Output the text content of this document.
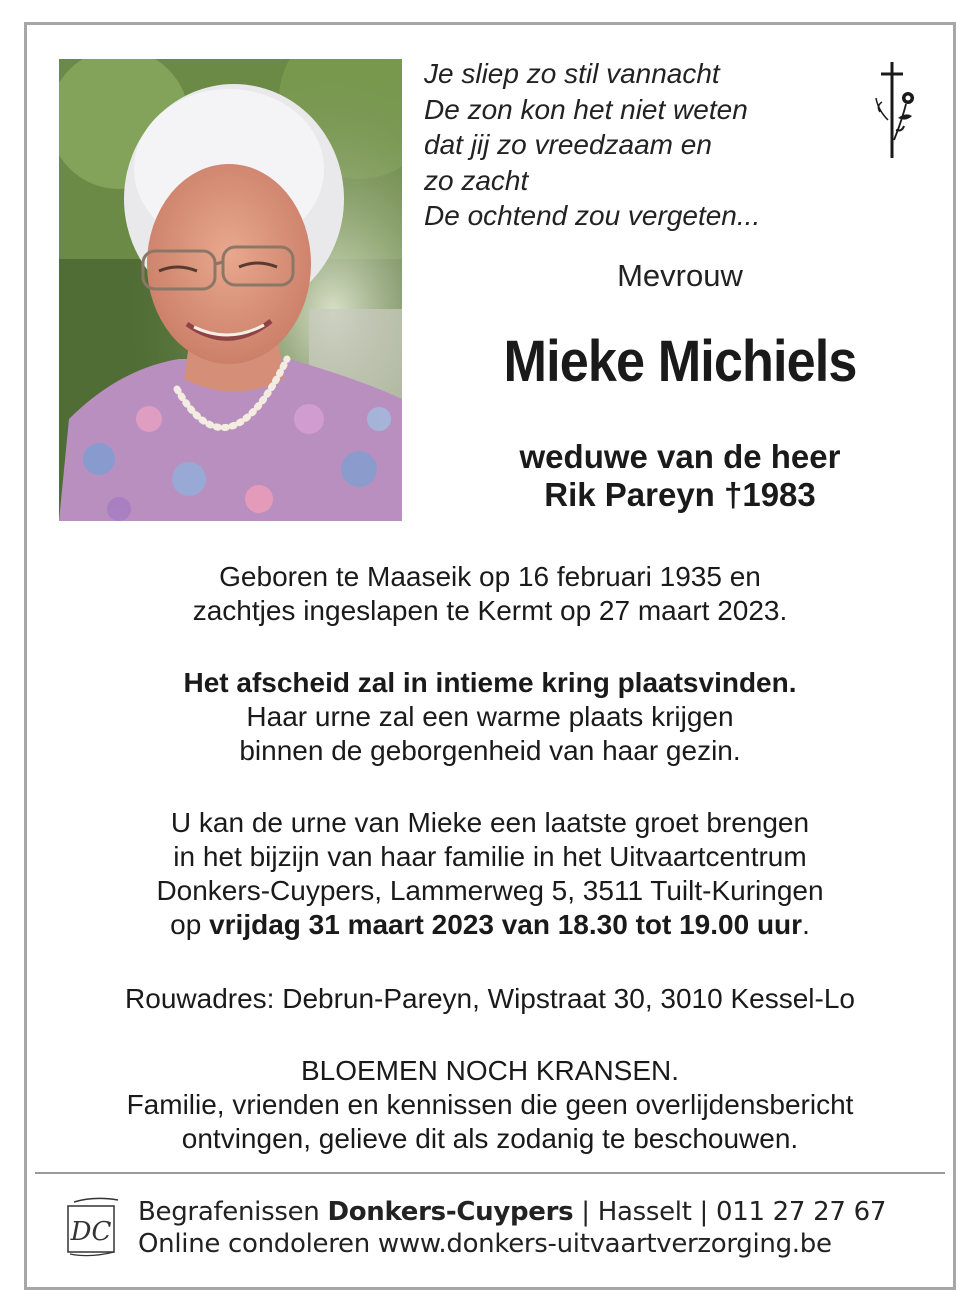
Je sliep zo stil vannacht
De zon kon het niet weten
dat jij zo vreedzaam en
zo zacht
De ochtend zou vergeten...
Mevrouw
Mieke Michiels
weduwe van de heer
Rik Pareyn †1983
Geboren te Maaseik op 16 februari 1935 en
zachtjes ingeslapen te Kermt op 27 maart 2023.
Het afscheid zal in intieme kring plaatsvinden.
Haar urne zal een warme plaats krijgen
binnen de geborgenheid van haar gezin.
U kan de urne van Mieke een laatste groet brengen
in het bijzijn van haar familie in het Uitvaartcentrum
Donkers-Cuypers, Lammerweg 5, 3511 Tuilt-Kuringen
op vrijdag 31 maart 2023 van 18.30 tot 19.00 uur.
Rouwadres: Debrun-Pareyn, Wipstraat 30, 3010 Kessel-Lo
BLOEMEN NOCH KRANSEN.
Familie, vrienden en kennissen die geen overlijdensbericht
ontvingen, gelieve dit als zodanig te beschouwen.
DC
Begrafenissen Donkers-Cuypers | Hasselt | 011 27 27 67
Online condoleren www.donkers-uitvaartverzorging.be
